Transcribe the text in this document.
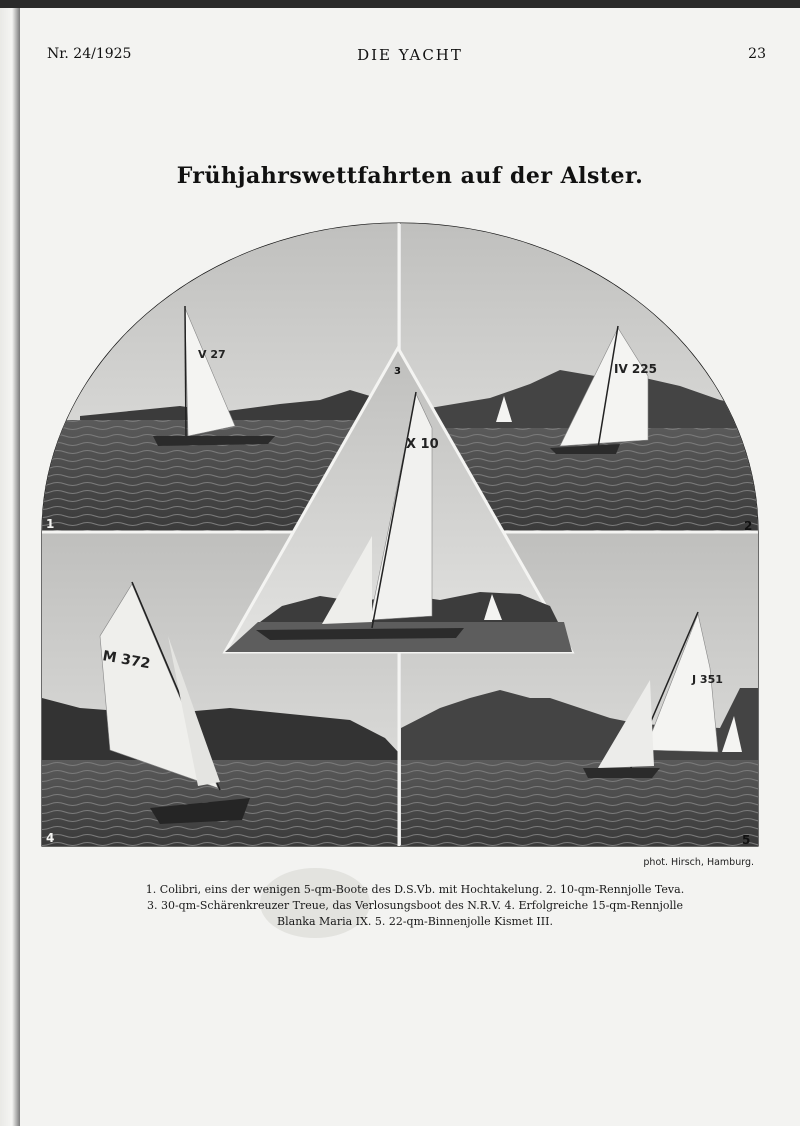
Nr. 24/1925	DIE YACHT	23
Frühjahrswettfahrten auf der Alster.
V 27
IV 225
X 10
M 372
J 351
1	2
3
4	5
phot. Hirsch, Hamburg.
1. Colibri, eins der wenigen 5-qm-Boote des D.S.Vb. mit Hochtakelung. 2. 10-qm-Rennjolle Teva.
3. 30-qm-Schärenkreuzer Treue, das Verlosungsboot des N.R.V. 4. Erfolgreiche 15-qm-Rennjolle
Blanka Maria IX. 5. 22-qm-Binnenjolle Kismet III.
